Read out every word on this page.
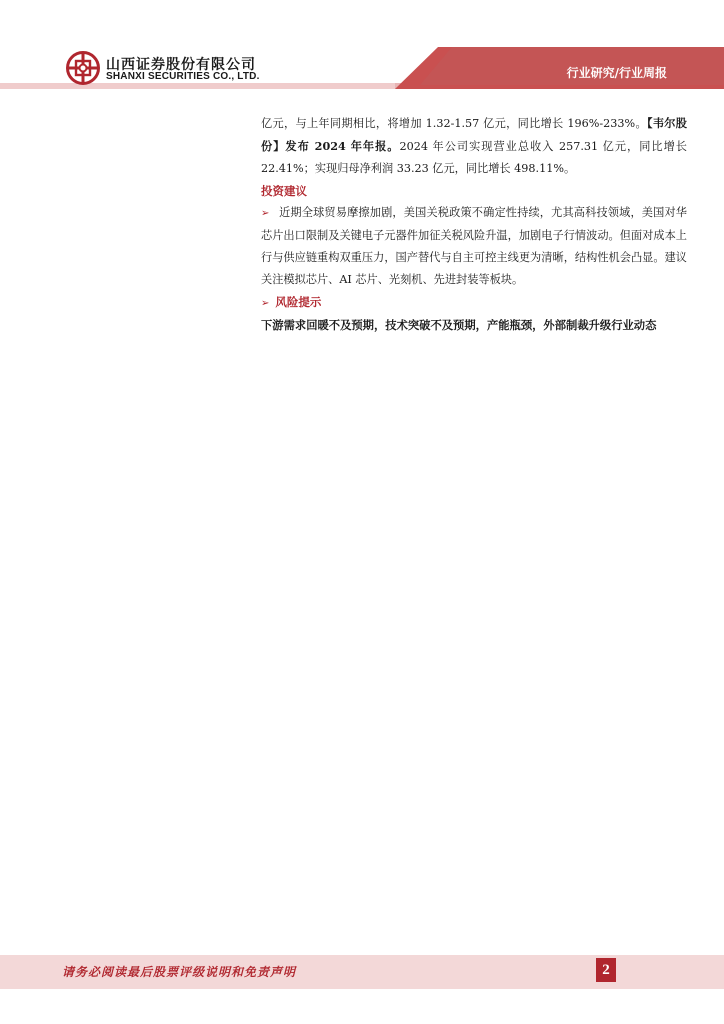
山西证券股份有限公司
SHANXI SECURITIES CO., LTD.	行业研究/行业周报

亿元，与上年同期相比，将增加 1.32-1.57 亿元，同比增长 196%-233%。【韦尔股份】发布 2024 年年报。2024 年公司实现营业总收入 257.31 亿元，同比增长 22.41%；实现归母净利润 33.23 亿元，同比增长 498.11%。

投资建议

➢ 近期全球贸易摩擦加剧，美国关税政策不确定性持续，尤其高科技领域，美国对华芯片出口限制及关键电子元器件加征关税风险升温，加剧电子行情波动。但面对成本上行与供应链重构双重压力，国产替代与自主可控主线更为清晰，结构性机会凸显。建议关注模拟芯片、AI 芯片、光刻机、先进封装等板块。

➢ 风险提示

下游需求回暖不及预期，技术突破不及预期，产能瓶颈，外部制裁升级行业动态

请务必阅读最后股票评级说明和免责声明	2
